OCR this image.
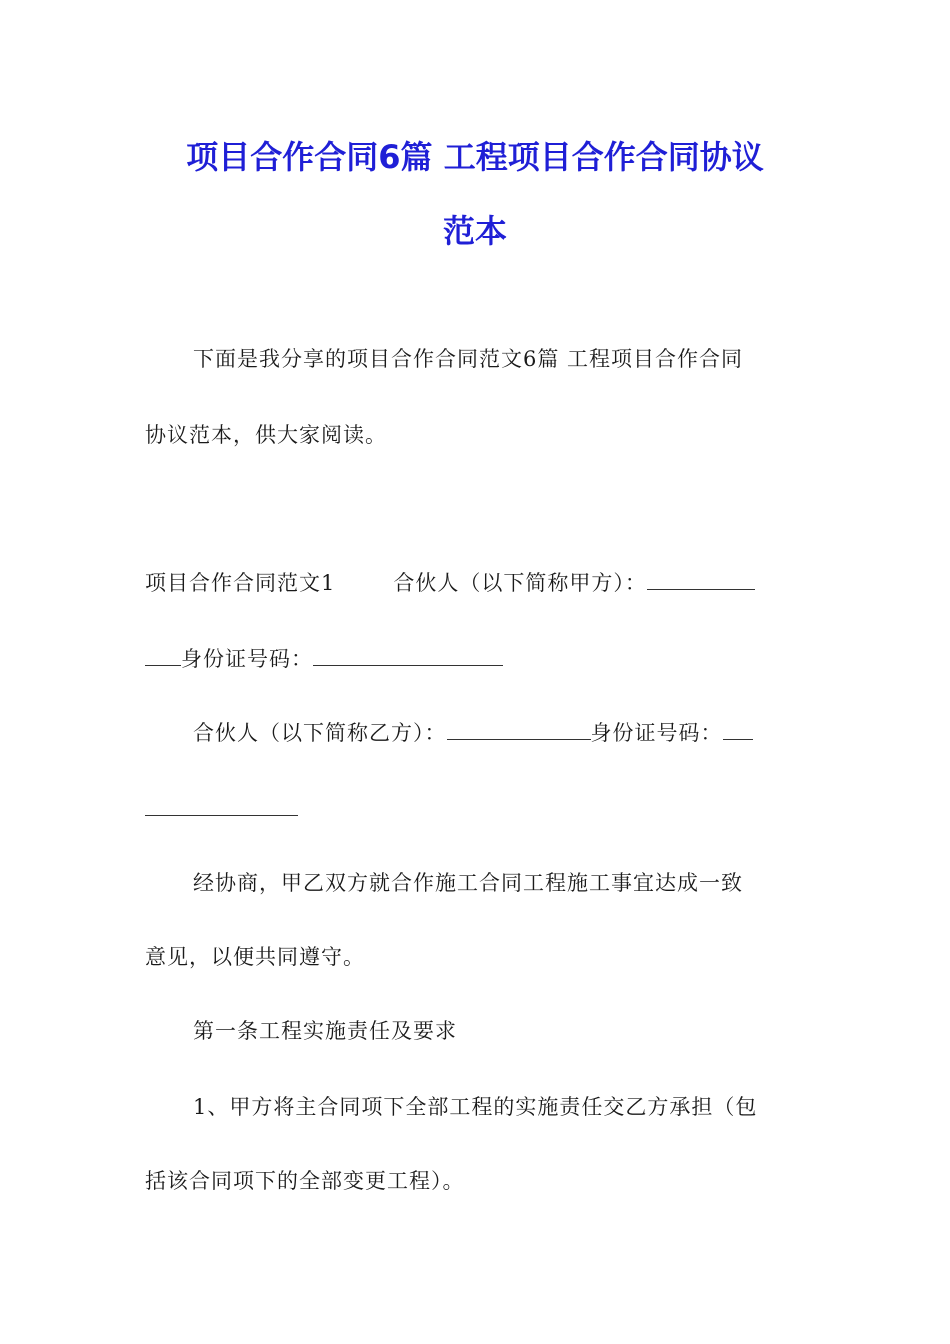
项目合作合同6篇 工程项目合作合同协议
范本
下面是我分享的项目合作合同范文6篇 工程项目合作合同
协议范本，供大家阅读。
项目合作合同范文1	合伙人（以下简称甲方）：
身份证号码：
合伙人（以下简称乙方）：	身份证号码：
经协商，甲乙双方就合作施工合同工程施工事宜达成一致
意见，以便共同遵守。
第一条工程实施责任及要求
1、甲方将主合同项下全部工程的实施责任交乙方承担（包
括该合同项下的全部变更工程）。
